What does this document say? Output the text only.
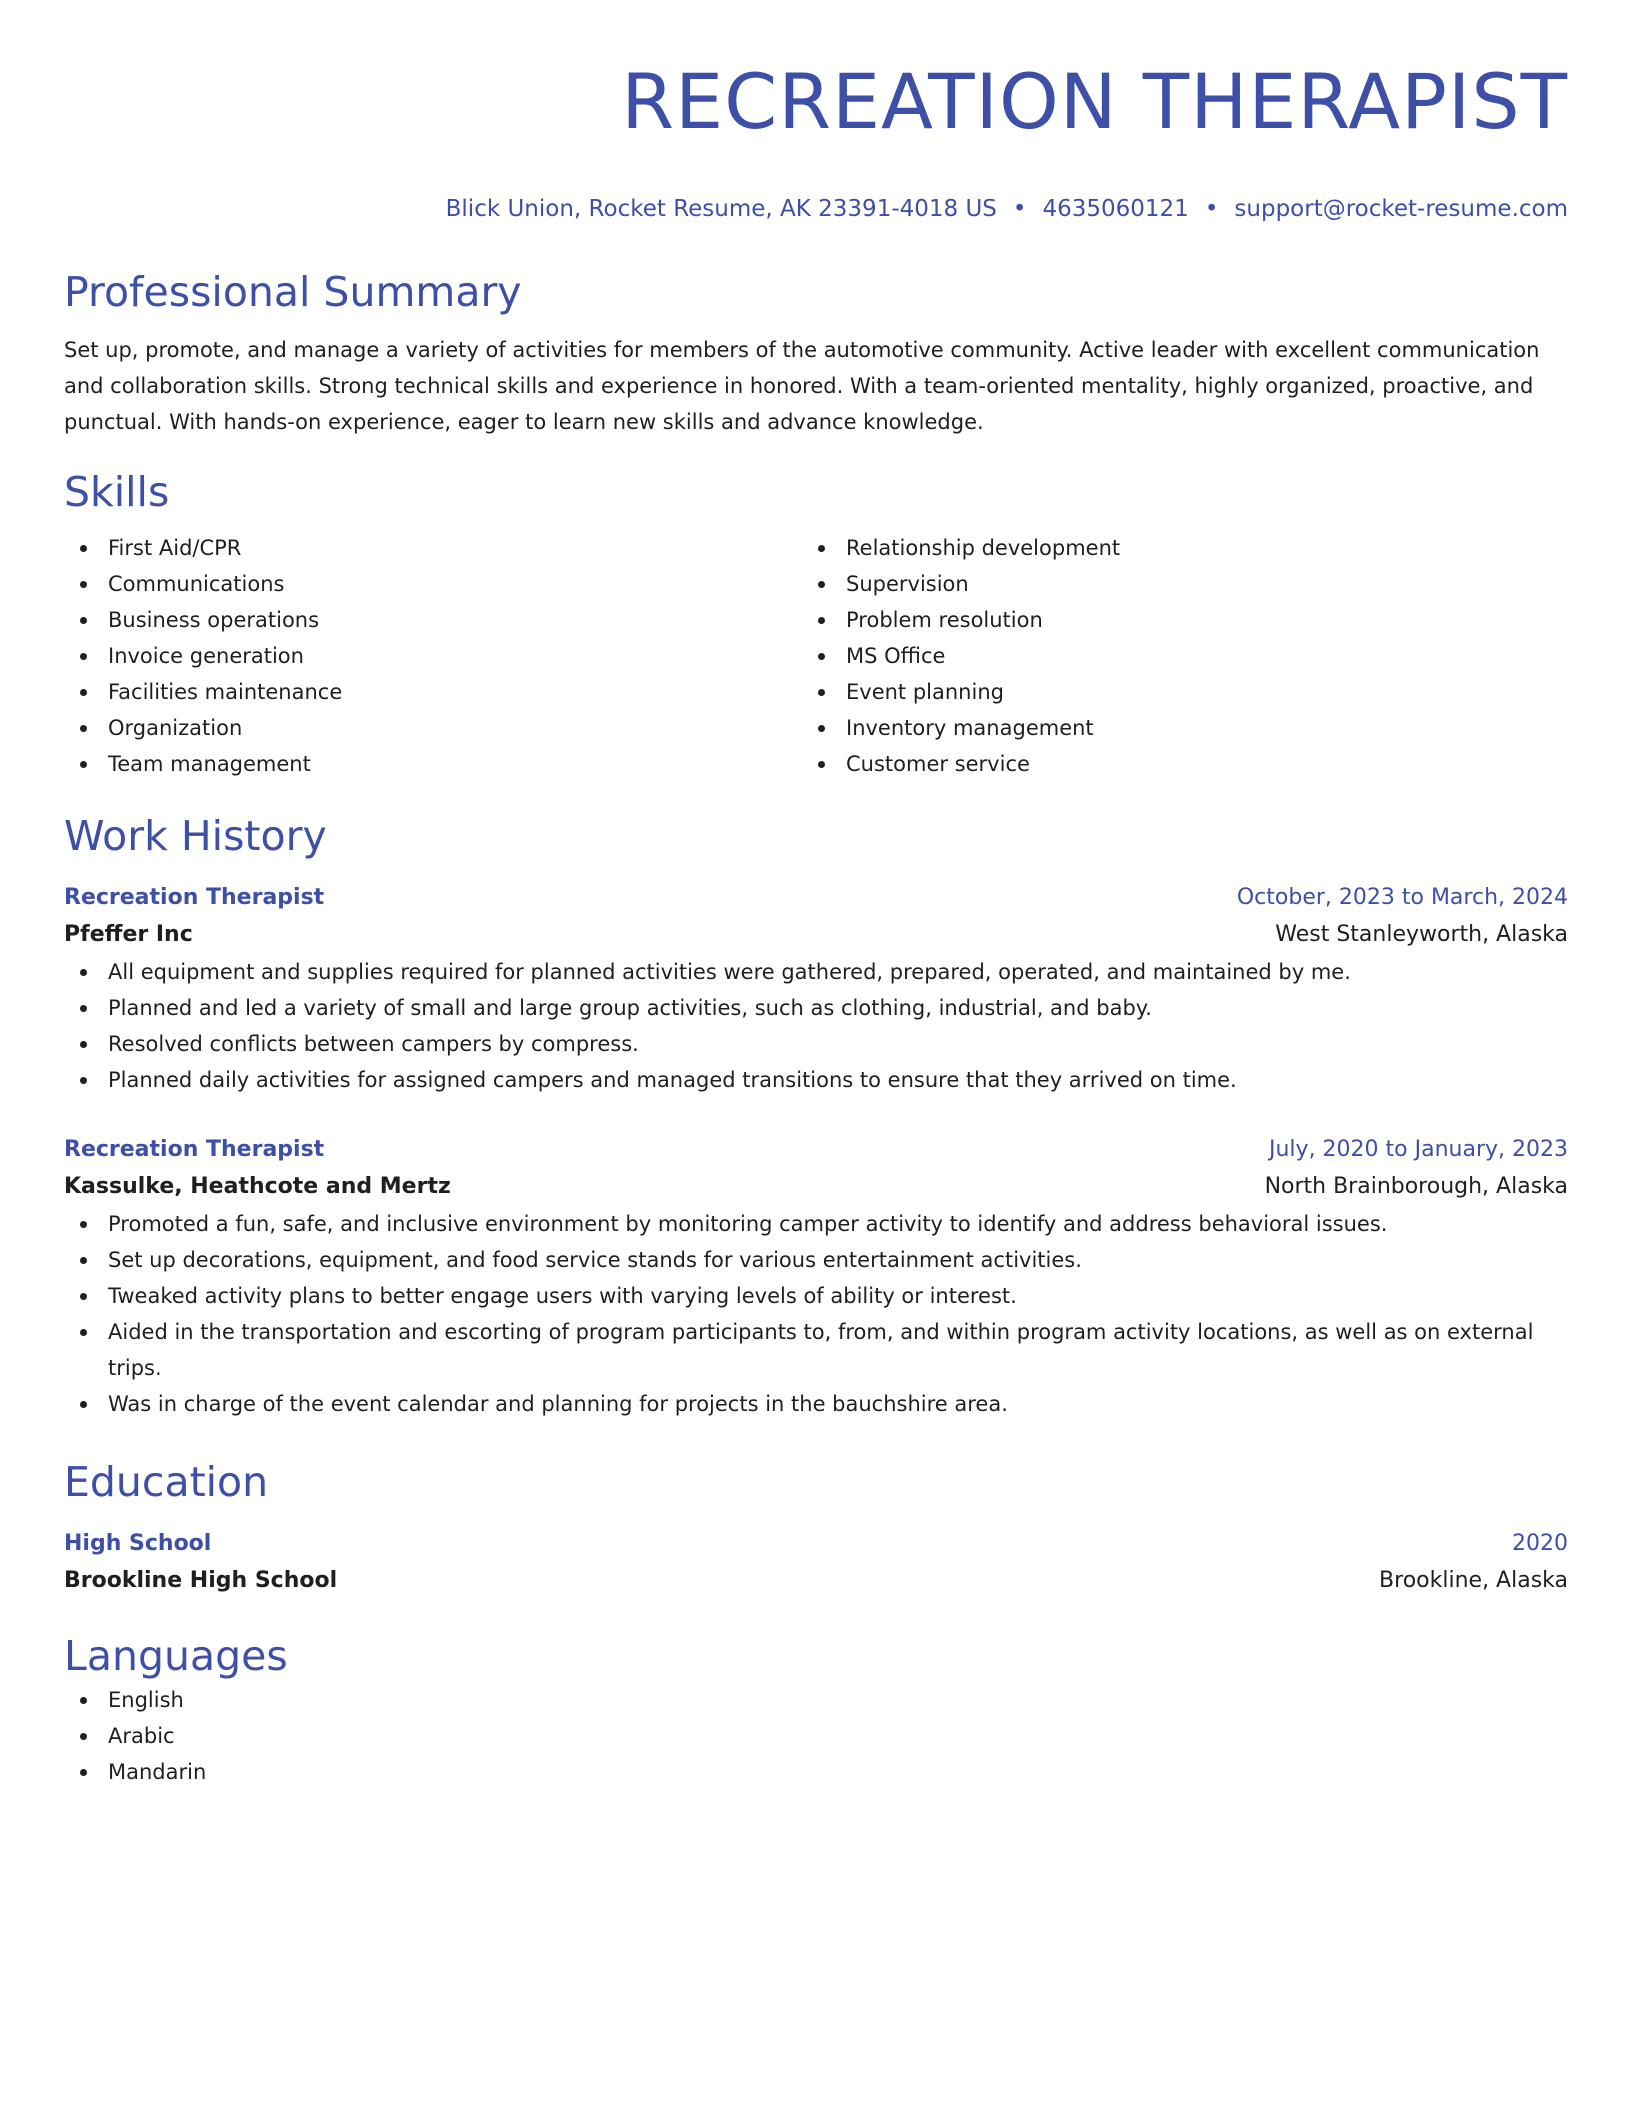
RECREATION THERAPIST
Blick Union, Rocket Resume, AK 23391-4018 US • 4635060121 • support@rocket-resume.com
Professional Summary
Set up, promote, and manage a variety of activities for members of the automotive community. Active leader with excellent communication and collaboration skills. Strong technical skills and experience in honored. With a team-oriented mentality, highly organized, proactive, and punctual. With hands-on experience, eager to learn new skills and advance knowledge.
Skills
First Aid/CPR
Communications
Business operations
Invoice generation
Facilities maintenance
Organization
Team management
Relationship development
Supervision
Problem resolution
MS Office
Event planning
Inventory management
Customer service
Work History
Recreation Therapist	October, 2023 to March, 2024
Pfeffer Inc	West Stanleyworth, Alaska
All equipment and supplies required for planned activities were gathered, prepared, operated, and maintained by me.
Planned and led a variety of small and large group activities, such as clothing, industrial, and baby.
Resolved conflicts between campers by compress.
Planned daily activities for assigned campers and managed transitions to ensure that they arrived on time.
Recreation Therapist	July, 2020 to January, 2023
Kassulke, Heathcote and Mertz	North Brainborough, Alaska
Promoted a fun, safe, and inclusive environment by monitoring camper activity to identify and address behavioral issues.
Set up decorations, equipment, and food service stands for various entertainment activities.
Tweaked activity plans to better engage users with varying levels of ability or interest.
Aided in the transportation and escorting of program participants to, from, and within program activity locations, as well as on external trips.
Was in charge of the event calendar and planning for projects in the bauchshire area.
Education
High School	2020
Brookline High School	Brookline, Alaska
Languages
English
Arabic
Mandarin
